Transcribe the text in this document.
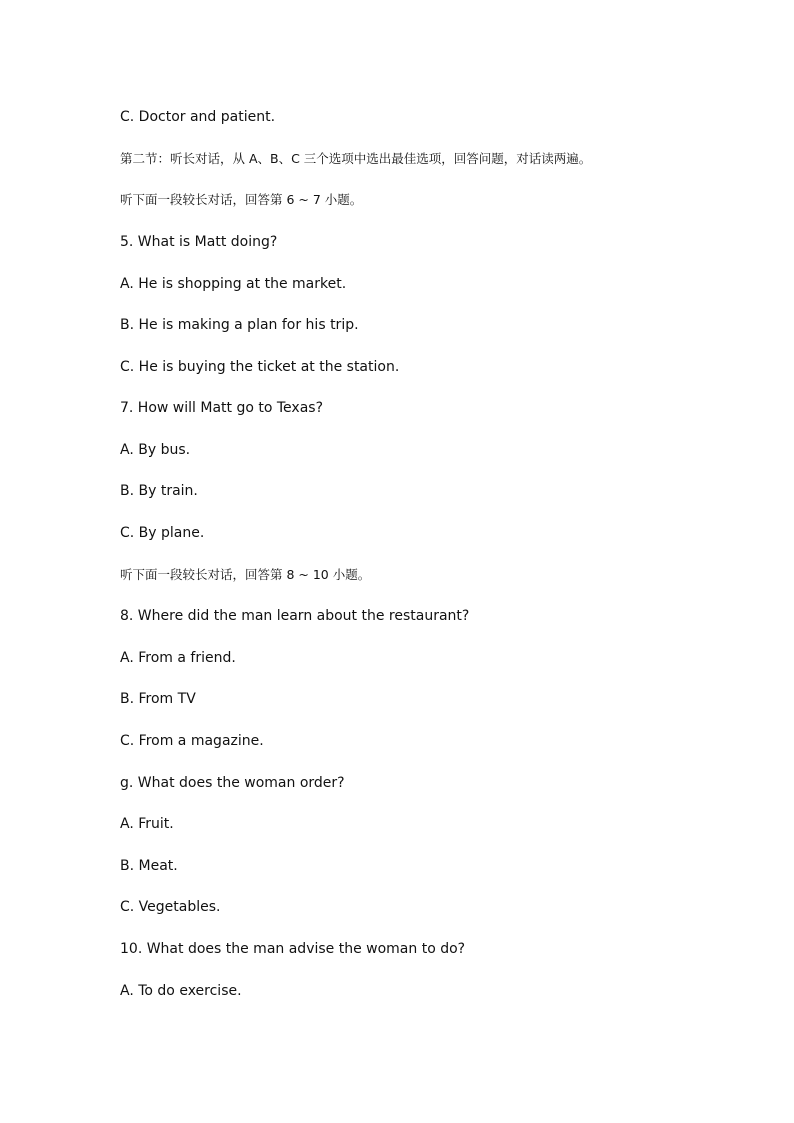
C. Doctor and patient.
第二节：听长对话，从 A、B、C 三个选项中选出最佳选项，回答问题，对话读两遍。
听下面一段较长对话，回答第 6 ~ 7 小题。
5. What is Matt doing?
A. He is shopping at the market.
B. He is making a plan for his trip.
C. He is buying the ticket at the station.
7. How will Matt go to Texas?
A. By bus.
B. By train.
C. By plane.
听下面一段较长对话，回答第 8 ~ 10 小题。
8. Where did the man learn about the restaurant?
A. From a friend.
B. From TV
C. From a magazine.
g. What does the woman order?
A. Fruit.
B. Meat.
C. Vegetables.
10. What does the man advise the woman to do?
A. To do exercise.
